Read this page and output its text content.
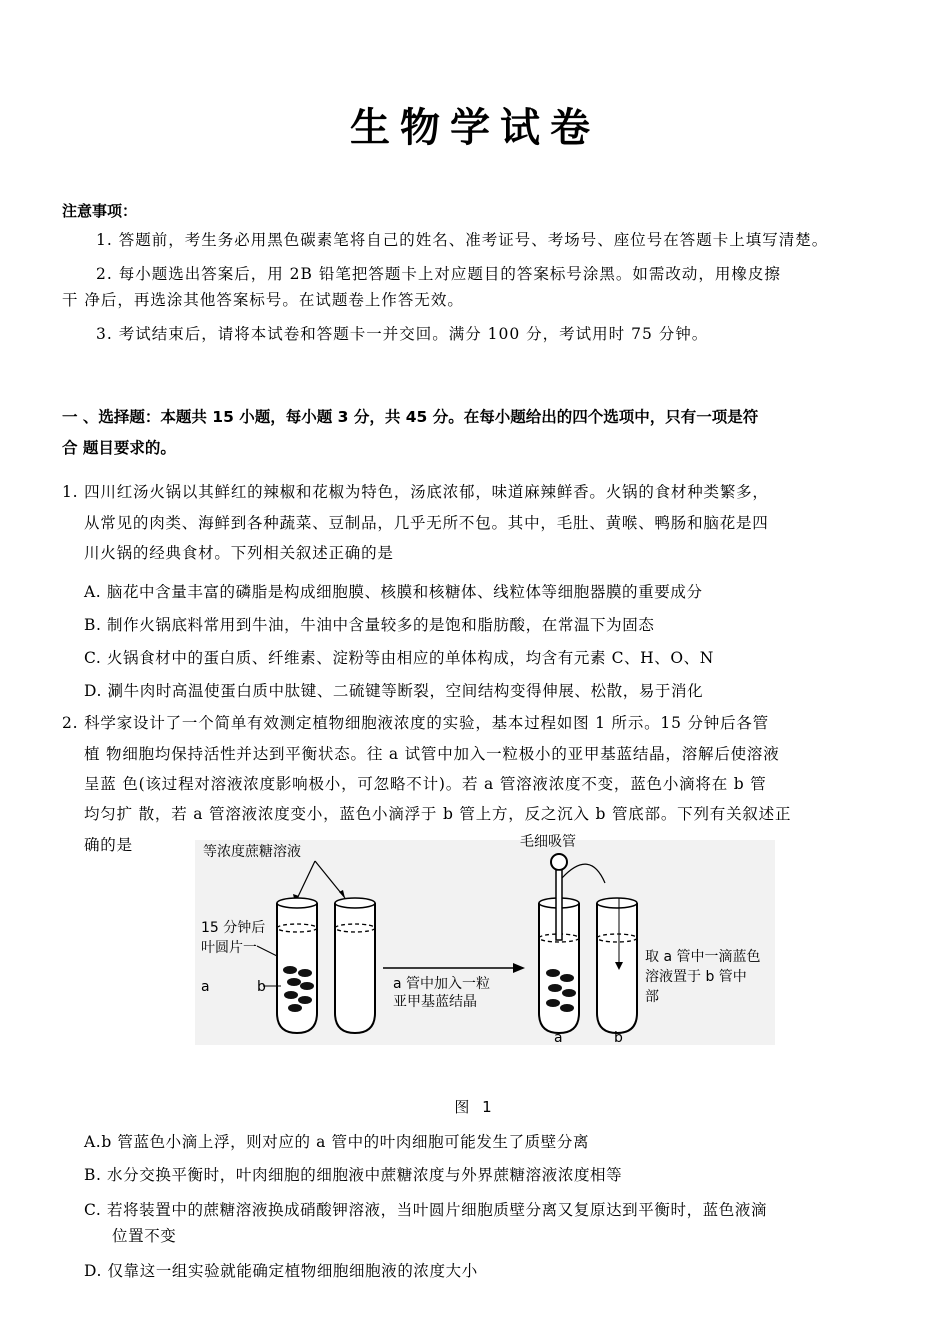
生物学试卷
注意事项：
1. 答题前，考生务必用黑色碳素笔将自己的姓名、准考证号、考场号、座位号在答题卡上填写清楚。
2. 每小题选出答案后，用 2B 铅笔把答题卡上对应题目的答案标号涂黑。如需改动，用橡皮擦
干 净后，再选涂其他答案标号。在试题卷上作答无效。
3. 考试结束后，请将本试卷和答题卡一并交回。满分 100 分，考试用时 75 分钟。
一 、选择题：本题共 15 小题，每小题 3 分，共 45 分。在每小题给出的四个选项中，只有一项是符
合 题目要求的。
1. 四川红汤火锅以其鲜红的辣椒和花椒为特色，汤底浓郁，味道麻辣鲜香。火锅的食材种类繁多，
从常见的肉类、海鲜到各种蔬菜、豆制品，几乎无所不包。其中，毛肚、黄喉、鸭肠和脑花是四
川火锅的经典食材。下列相关叙述正确的是
A. 脑花中含量丰富的磷脂是构成细胞膜、核膜和核糖体、线粒体等细胞器膜的重要成分
B. 制作火锅底料常用到牛油，牛油中含量较多的是饱和脂肪酸，在常温下为固态
C. 火锅食材中的蛋白质、纤维素、淀粉等由相应的单体构成，均含有元素 C、H、O、N
D. 涮牛肉时高温使蛋白质中肽键、二硫键等断裂，空间结构变得伸展、松散，易于消化
2. 科学家设计了一个简单有效测定植物细胞液浓度的实验，基本过程如图 1 所示。15 分钟后各管
植 物细胞均保持活性并达到平衡状态。往 a 试管中加入一粒极小的亚甲基蓝结晶，溶解后使溶液
呈蓝 色(该过程对溶液浓度影响极小，可忽略不计)。若 a 管溶液浓度不变，蓝色小滴将在 b 管
均匀扩 散，若 a 管溶液浓度变小，蓝色小滴浮于 b 管上方，反之沉入 b 管底部。下列有关叙述正
确的是	等浓度蔗糖溶液
15 分钟后
叶圆片一
a	b	a 管中加入一粒
亚甲基蓝结晶
毛细吸管
取 a 管中一滴蓝色
溶液置于 b 管中
部
a	b
图 1
A.b 管蓝色小滴上浮，则对应的 a 管中的叶肉细胞可能发生了质壁分离
B. 水分交换平衡时，叶肉细胞的细胞液中蔗糖浓度与外界蔗糖溶液浓度相等
C. 若将装置中的蔗糖溶液换成硝酸钾溶液，当叶圆片细胞质壁分离又复原达到平衡时，蓝色液滴
位置不变
D. 仅靠这一组实验就能确定植物细胞细胞液的浓度大小
